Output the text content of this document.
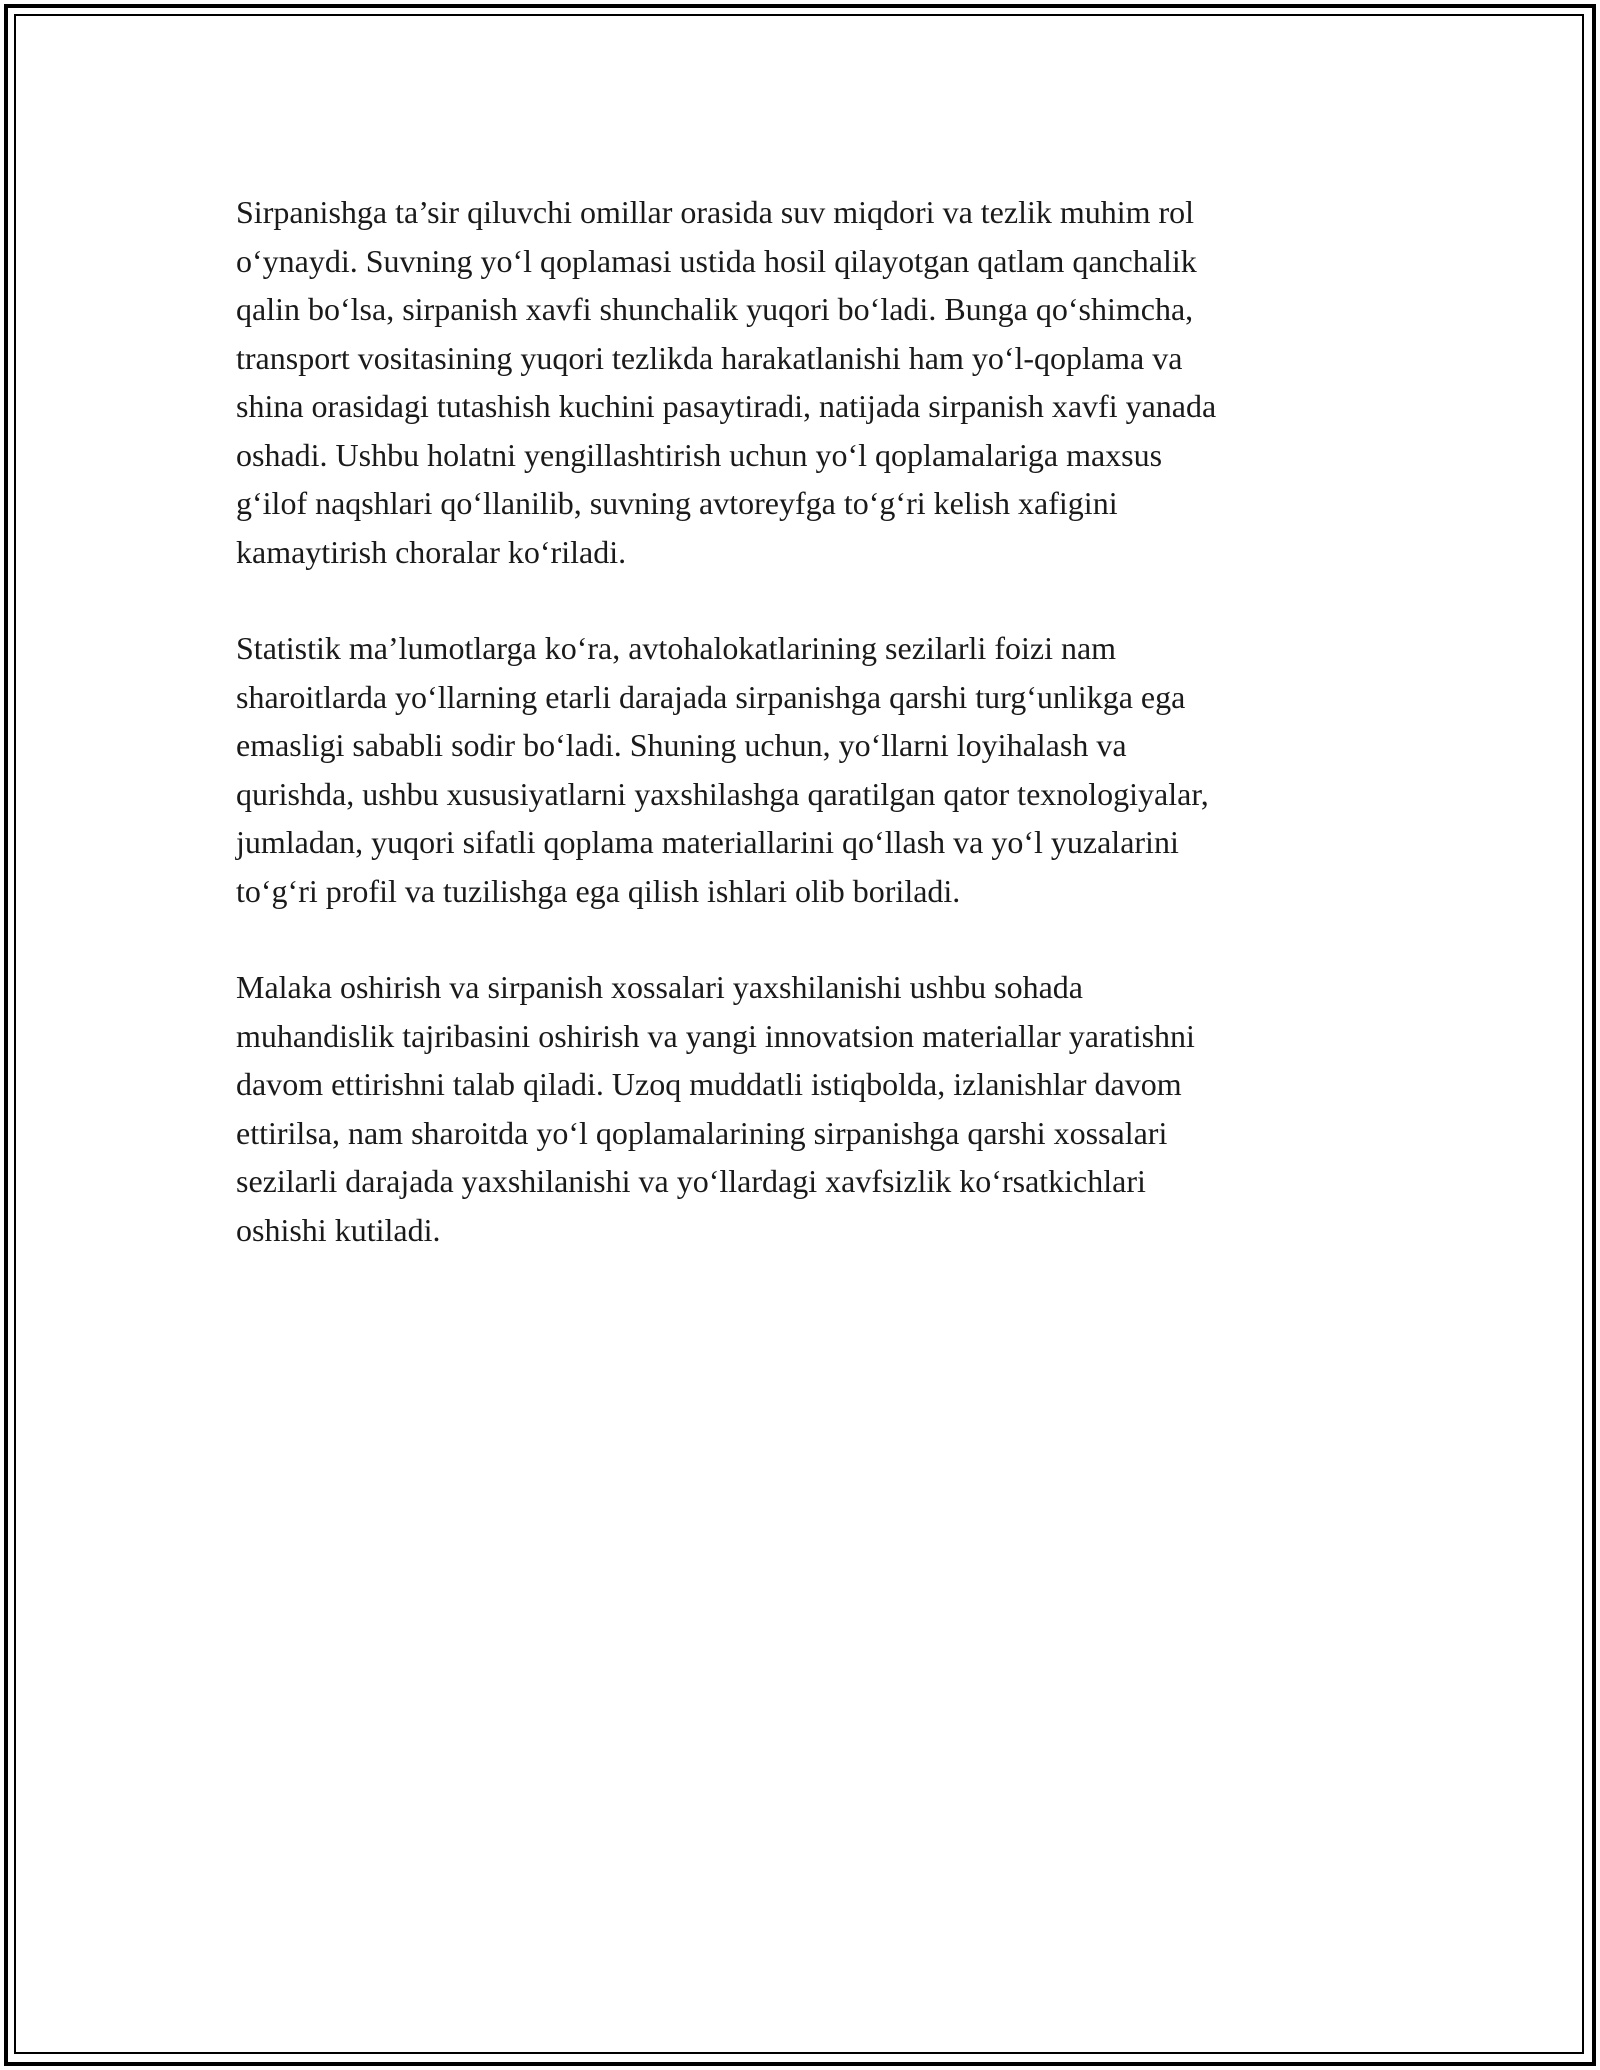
Sirpanishga ta’sir qiluvchi omillar orasida suv miqdori va tezlik muhim rol
o‘ynaydi. Suvning yo‘l qoplamasi ustida hosil qilayotgan qatlam qanchalik
qalin bo‘lsa, sirpanish xavfi shunchalik yuqori bo‘ladi. Bunga qo‘shimcha,
transport vositasining yuqori tezlikda harakatlanishi ham yo‘l-qoplama va
shina orasidagi tutashish kuchini pasaytiradi, natijada sirpanish xavfi yanada
oshadi. Ushbu holatni yengillashtirish uchun yo‘l qoplamalariga maxsus
g‘ilof naqshlari qo‘llanilib, suvning avtoreyfga to‘g‘ri kelish xafigini
kamaytirish choralar ko‘riladi.

Statistik ma’lumotlarga ko‘ra, avtohalokatlarining sezilarli foizi nam
sharoitlarda yo‘llarning etarli darajada sirpanishga qarshi turg‘unlikga ega
emasligi sababli sodir bo‘ladi. Shuning uchun, yo‘llarni loyihalash va
qurishda, ushbu xususiyatlarni yaxshilashga qaratilgan qator texnologiyalar,
jumladan, yuqori sifatli qoplama materiallarini qo‘llash va yo‘l yuzalarini
to‘g‘ri profil va tuzilishga ega qilish ishlari olib boriladi.

Malaka oshirish va sirpanish xossalari yaxshilanishi ushbu sohada
muhandislik tajribasini oshirish va yangi innovatsion materiallar yaratishni
davom ettirishni talab qiladi. Uzoq muddatli istiqbolda, izlanishlar davom
ettirilsa, nam sharoitda yo‘l qoplamalarining sirpanishga qarshi xossalari
sezilarli darajada yaxshilanishi va yo‘llardagi xavfsizlik ko‘rsatkichlari
oshishi kutiladi.
